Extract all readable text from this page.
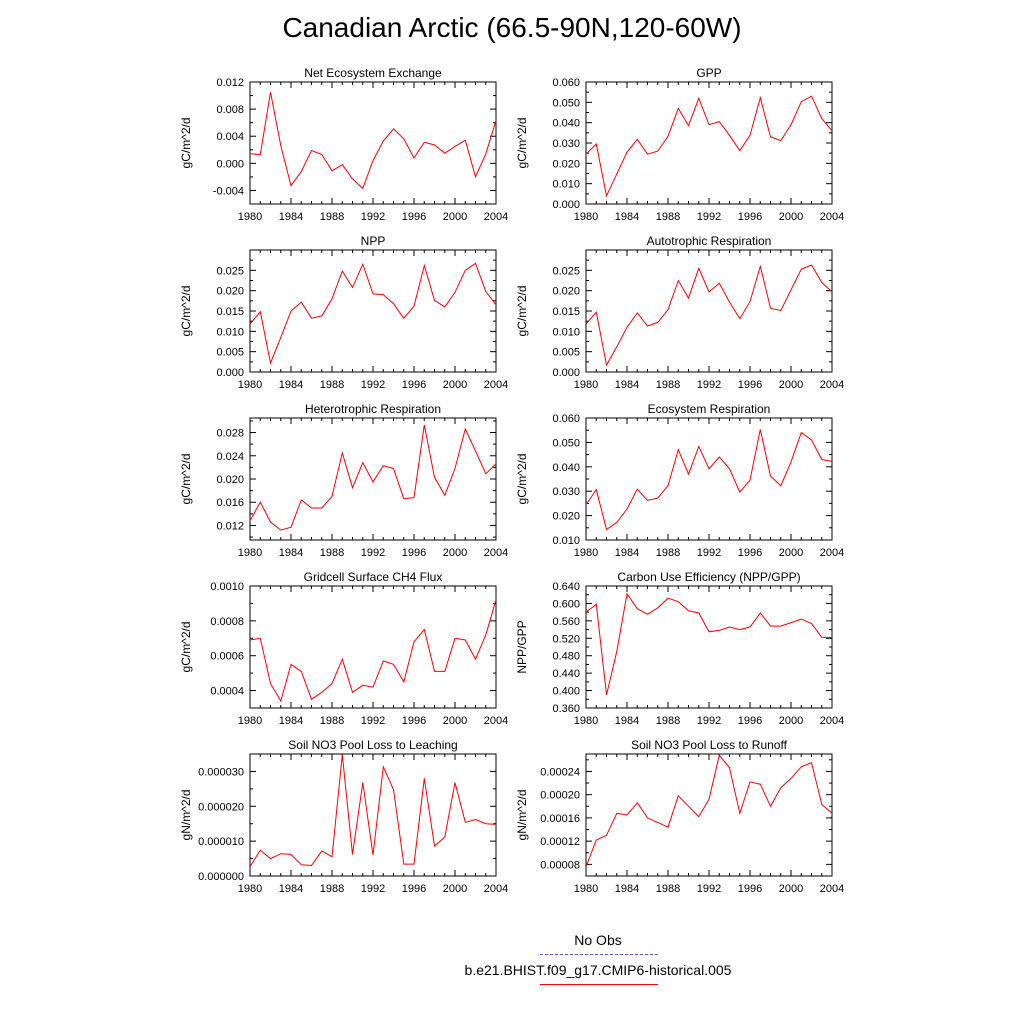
Canadian Arctic (66.5-90N,120-60W)
Net Ecosystem Exchange
gC/m^2/d
1980 1984 1988 1992 1996 2000 2004
-0.004
0.000
0.004
0.008
0.012
GPP
gC/m^2/d
1980 1984 1988 1992 1996 2000 2004
0.000
0.010
0.020
0.030
0.040
0.050
0.060
NPP
gC/m^2/d
1980 1984 1988 1992 1996 2000 2004
0.000
0.005
0.010
0.015
0.020
0.025
Autotrophic Respiration
gC/m^2/d
1980 1984 1988 1992 1996 2000 2004
0.000
0.005
0.010
0.015
0.020
0.025
Heterotrophic Respiration
gC/m^2/d
1980 1984 1988 1992 1996 2000 2004
0.012
0.016
0.020
0.024
0.028
Ecosystem Respiration
gC/m^2/d
1980 1984 1988 1992 1996 2000 2004
0.010
0.020
0.030
0.040
0.050
0.060
Gridcell Surface CH4 Flux
gC/m^2/d
1980 1984 1988 1992 1996 2000 2004
0.0004
0.0006
0.0008
0.0010
Carbon Use Efficiency (NPP/GPP)
NPP/GPP
1980 1984 1988 1992 1996 2000 2004
0.360
0.400
0.440
0.480
0.520
0.560
0.600
0.640
Soil NO3 Pool Loss to Leaching
gN/m^2/d
1980 1984 1988 1992 1996 2000 2004
0.000000
0.000010
0.000020
0.000030
Soil NO3 Pool Loss to Runoff
gN/m^2/d
1980 1984 1988 1992 1996 2000 2004
0.00008
0.00012
0.00016
0.00020
0.00024
No Obs
b.e21.BHIST.f09_g17.CMIP6-historical.005
